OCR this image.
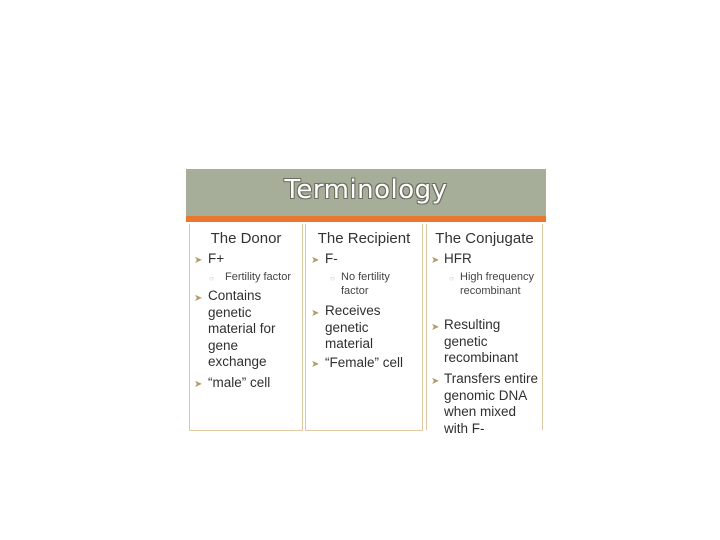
Terminology
The Donor
➤ F+
○ Fertility factor
➤ Contains genetic material for gene exchange
➤ “male” cell
The Recipient
➤ F-
○ No fertility factor
➤ Receives genetic material
➤ “Female” cell
The Conjugate
➤ HFR
○ High frequency recombinant
➤ Resulting genetic recombinant
➤ Transfers entire genomic DNA when mixed with F-
